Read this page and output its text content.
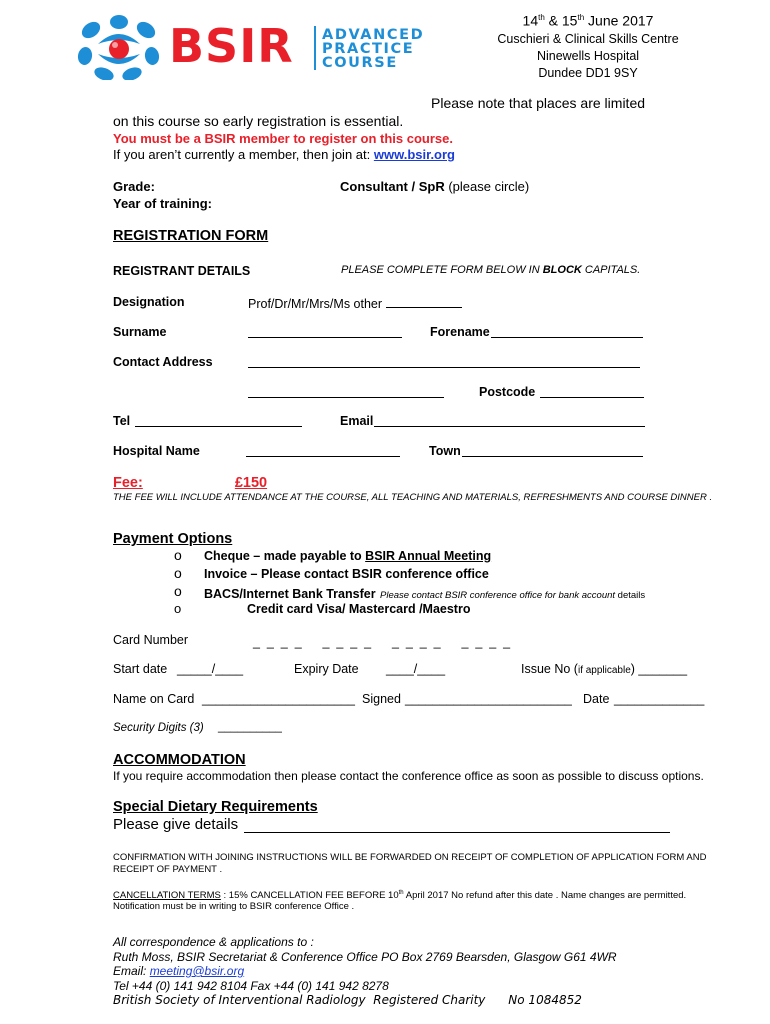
BSIR ADVANCED
PRACTICE
COURSE
14th & 15th June 2017
Cuschieri & Clinical Skills Centre
Ninewells Hospital
Dundee DD1 9SY
Please note that places are limited
on this course so early registration is essential.
You must be a BSIR member to register on this course.
If you aren’t currently a member, then join at: www.bsir.org
Grade:	Consultant / SpR (please circle)
Year of training:
REGISTRATION FORM
REGISTRANT DETAILS	PLEASE COMPLETE FORM BELOW IN BLOCK CAPITALS.
Designation	Prof/Dr/Mr/Mrs/Ms other
Surname	Forename
Contact Address
Postcode
Tel	Email
Hospital Name	Town
Fee:	£150
THE FEE WILL INCLUDE ATTENDANCE AT THE COURSE, ALL TEACHING AND MATERIALS, REFRESHMENTS AND COURSE DINNER .
Payment Options
o Cheque – made payable to BSIR Annual Meeting
o Invoice – Please contact BSIR conference office
o BACS/Internet Bank Transfer Please contact BSIR conference office for bank account details
o	Credit card Visa/ Mastercard /Maestro
Card Number	_  _  _  _      _  _  _  _      _  _  _  _      _  _  _  _
Start date _____/____	Expiry Date ____/____	Issue No (if applicable) _______
Name on Card ______________________ Signed ________________________ Date _____________
Security Digits (3) __________
ACCOMMODATION
If you require accommodation then please contact the conference office as soon as possible to discuss options.
Special Dietary Requirements
Please give details
CONFIRMATION WITH JOINING INSTRUCTIONS WILL BE FORWARDED ON RECEIPT OF COMPLETION OF APPLICATION FORM AND RECEIPT OF PAYMENT .
CANCELLATION TERMS : 15% CANCELLATION FEE BEFORE 10th April 2017 No refund after this date . Name changes are permitted.
Notification must be in writing to BSIR conference Office .
All correspondence & applications to :
Ruth Moss, BSIR Secretariat & Conference Office PO Box 2769 Bearsden, Glasgow G61 4WR
Email: meeting@bsir.org
Tel +44 (0) 141 942 8104 Fax +44 (0) 141 942 8278
British Society of Interventional Radiology  Registered Charity      No 1084852
